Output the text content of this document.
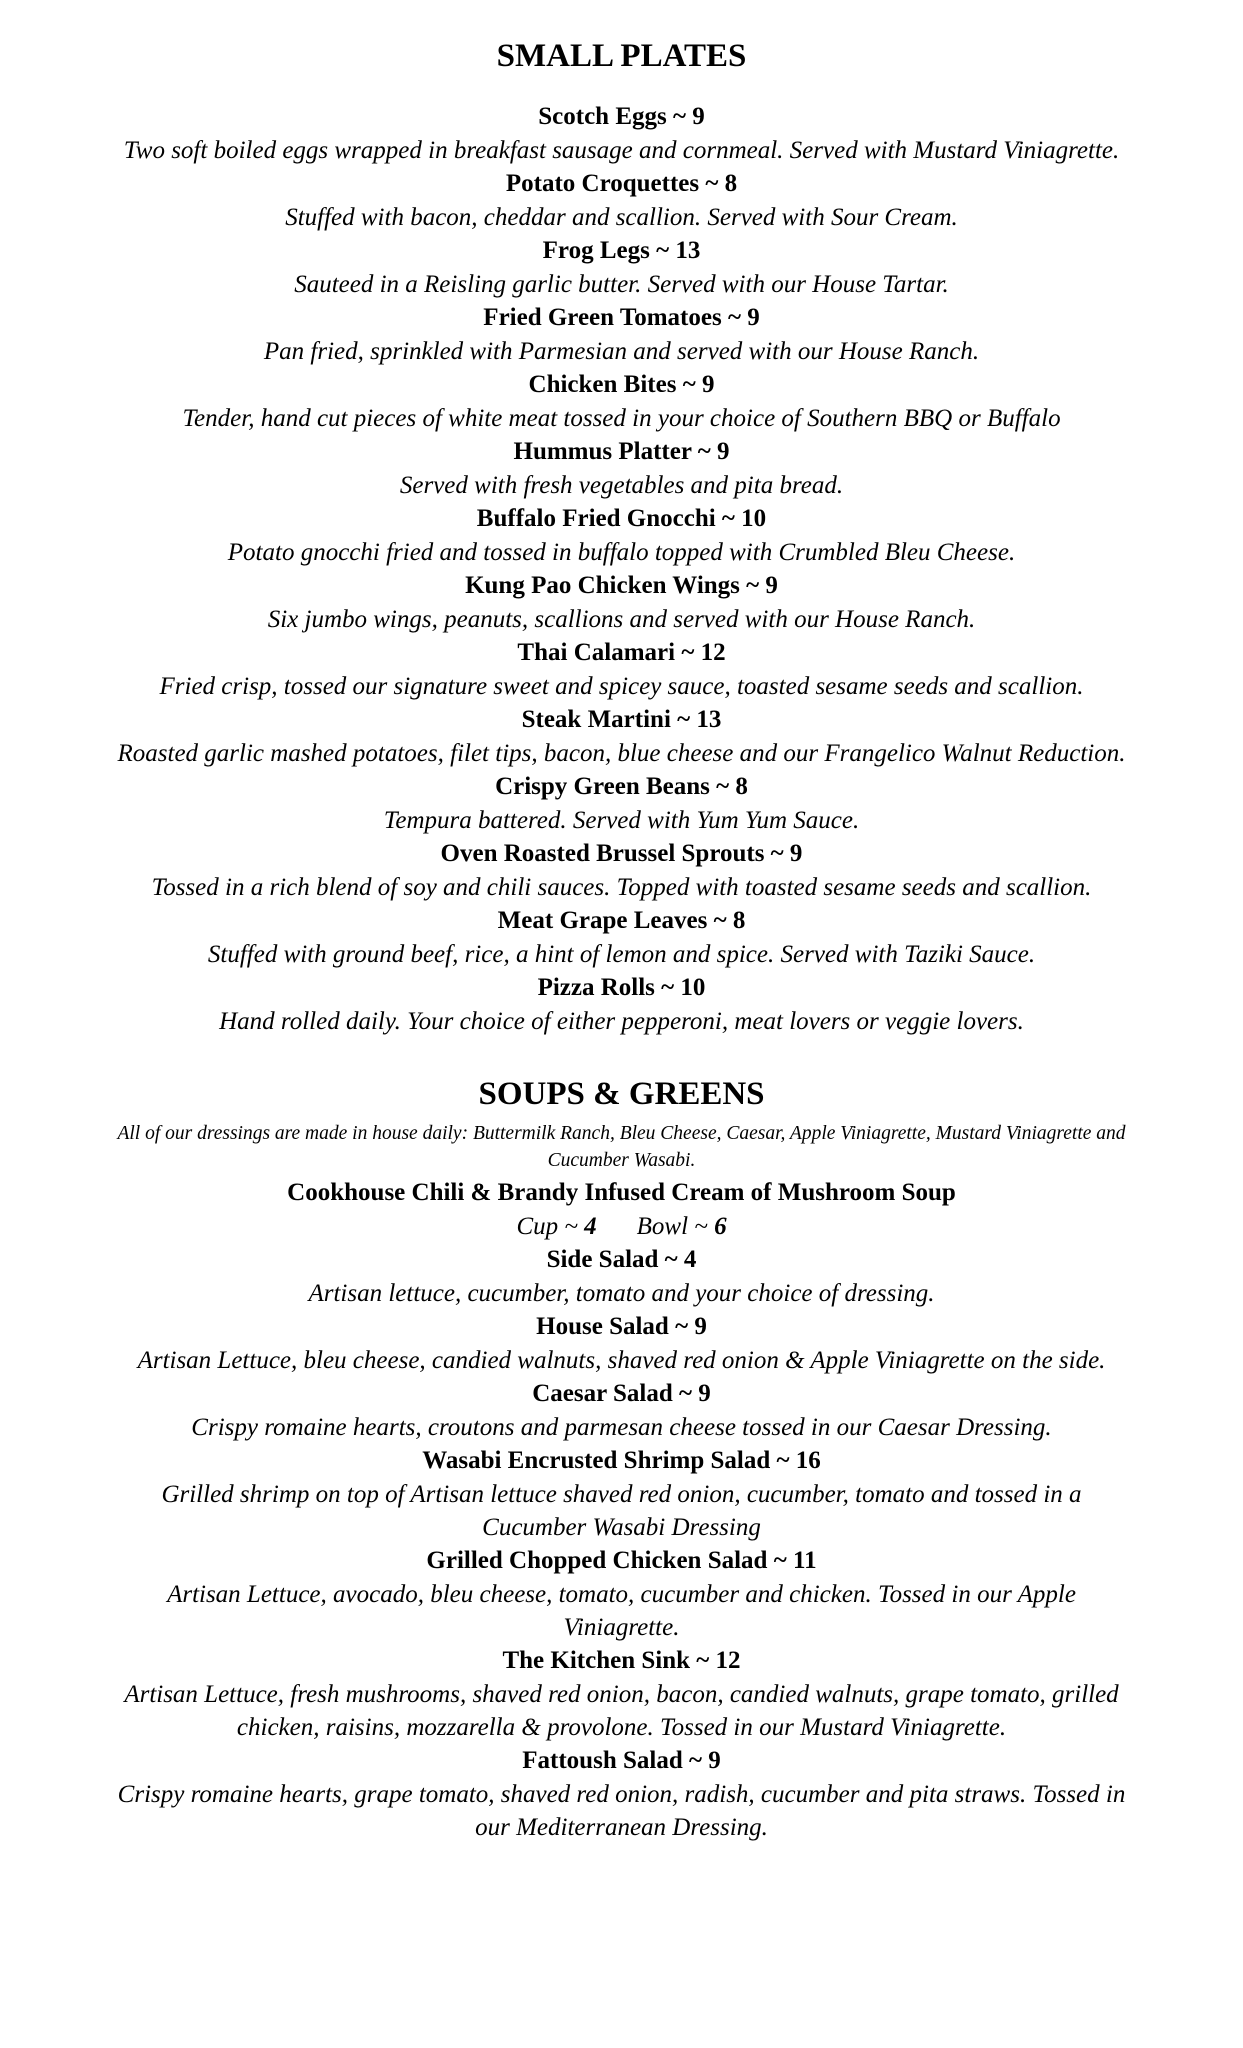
SMALL PLATES
Scotch Eggs ~ 9
Two soft boiled eggs wrapped in breakfast sausage and cornmeal. Served with Mustard Viniagrette.
Potato Croquettes ~ 8
Stuffed with bacon, cheddar and scallion. Served with Sour Cream.
Frog Legs ~ 13
Sauteed in a Reisling garlic butter. Served with our House Tartar.
Fried Green Tomatoes ~ 9
Pan fried, sprinkled with Parmesian and served with our House Ranch.
Chicken Bites ~ 9
Tender, hand cut pieces of white meat tossed in your choice of Southern BBQ or Buffalo
Hummus Platter ~ 9
Served with fresh vegetables and pita bread.
Buffalo Fried Gnocchi ~ 10
Potato gnocchi fried and tossed in buffalo topped with Crumbled Bleu Cheese.
Kung Pao Chicken Wings ~ 9
Six jumbo wings, peanuts, scallions and served with our House Ranch.
Thai Calamari ~ 12
Fried crisp, tossed our signature sweet and spicey sauce, toasted sesame seeds and scallion.
Steak Martini ~ 13
Roasted garlic mashed potatoes, filet tips, bacon, blue cheese and our Frangelico Walnut Reduction.
Crispy Green Beans ~ 8
Tempura battered. Served with Yum Yum Sauce.
Oven Roasted Brussel Sprouts ~ 9
Tossed in a rich blend of soy and chili sauces. Topped with toasted sesame seeds and scallion.
Meat Grape Leaves ~ 8
Stuffed with ground beef, rice, a hint of lemon and spice. Served with Taziki Sauce.
Pizza Rolls ~ 10
Hand rolled daily. Your choice of either pepperoni, meat lovers or veggie lovers.
SOUPS & GREENS
All of our dressings are made in house daily: Buttermilk Ranch, Bleu Cheese, Caesar, Apple Viniagrette, Mustard Viniagrette and Cucumber Wasabi.
Cookhouse Chili & Brandy Infused Cream of Mushroom Soup
Cup ~ 4 Bowl ~ 6
Side Salad ~ 4
Artisan lettuce, cucumber, tomato and your choice of dressing.
House Salad ~ 9
Artisan Lettuce, bleu cheese, candied walnuts, shaved red onion & Apple Viniagrette on the side.
Caesar Salad ~ 9
Crispy romaine hearts, croutons and parmesan cheese tossed in our Caesar Dressing.
Wasabi Encrusted Shrimp Salad ~ 16
Grilled shrimp on top of Artisan lettuce shaved red onion, cucumber, tomato and tossed in a Cucumber Wasabi Dressing
Grilled Chopped Chicken Salad ~ 11
Artisan Lettuce, avocado, bleu cheese, tomato, cucumber and chicken. Tossed in our Apple Viniagrette.
The Kitchen Sink ~ 12
Artisan Lettuce, fresh mushrooms, shaved red onion, bacon, candied walnuts, grape tomato, grilled chicken, raisins, mozzarella & provolone. Tossed in our Mustard Viniagrette.
Fattoush Salad ~ 9
Crispy romaine hearts, grape tomato, shaved red onion, radish, cucumber and pita straws. Tossed in our Mediterranean Dressing.
